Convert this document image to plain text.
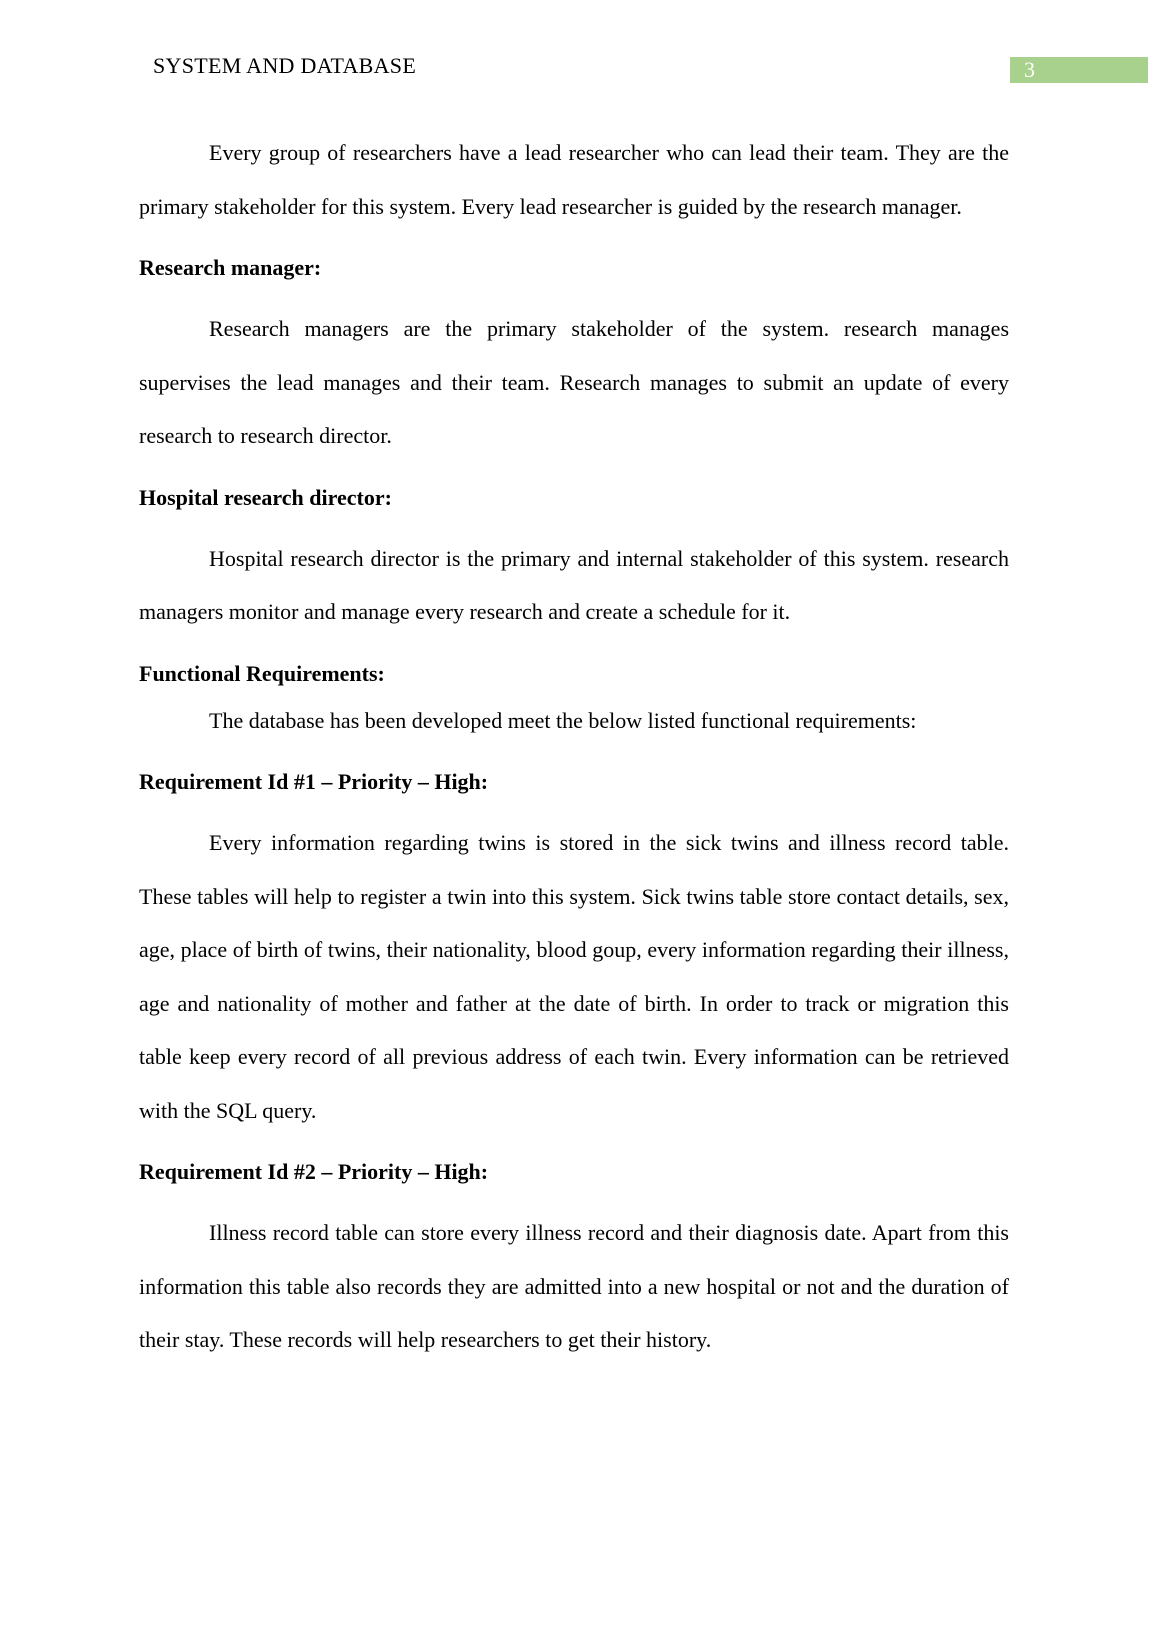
SYSTEM AND DATABASE	3

Every group of researchers have a lead researcher who can lead their team. They are the primary stakeholder for this system. Every lead researcher is guided by the research manager.

Research manager:

Research managers are the primary stakeholder of the system. research manages supervises the lead manages and their team. Research manages to submit an update of every research to research director.

Hospital research director:

Hospital research director is the primary and internal stakeholder of this system. research managers monitor and manage every research and create a schedule for it.

Functional Requirements:

The database has been developed meet the below listed functional requirements:

Requirement Id #1 – Priority – High:

Every information regarding twins is stored in the sick twins and illness record table. These tables will help to register a twin into this system. Sick twins table store contact details, sex, age, place of birth of twins, their nationality, blood goup, every information regarding their illness, age and nationality of mother and father at the date of birth. In order to track or migration this table keep every record of all previous address of each twin. Every information can be retrieved with the SQL query.

Requirement Id #2 – Priority – High:

Illness record table can store every illness record and their diagnosis date. Apart from this information this table also records they are admitted into a new hospital or not and the duration of their stay. These records will help researchers to get their history.
